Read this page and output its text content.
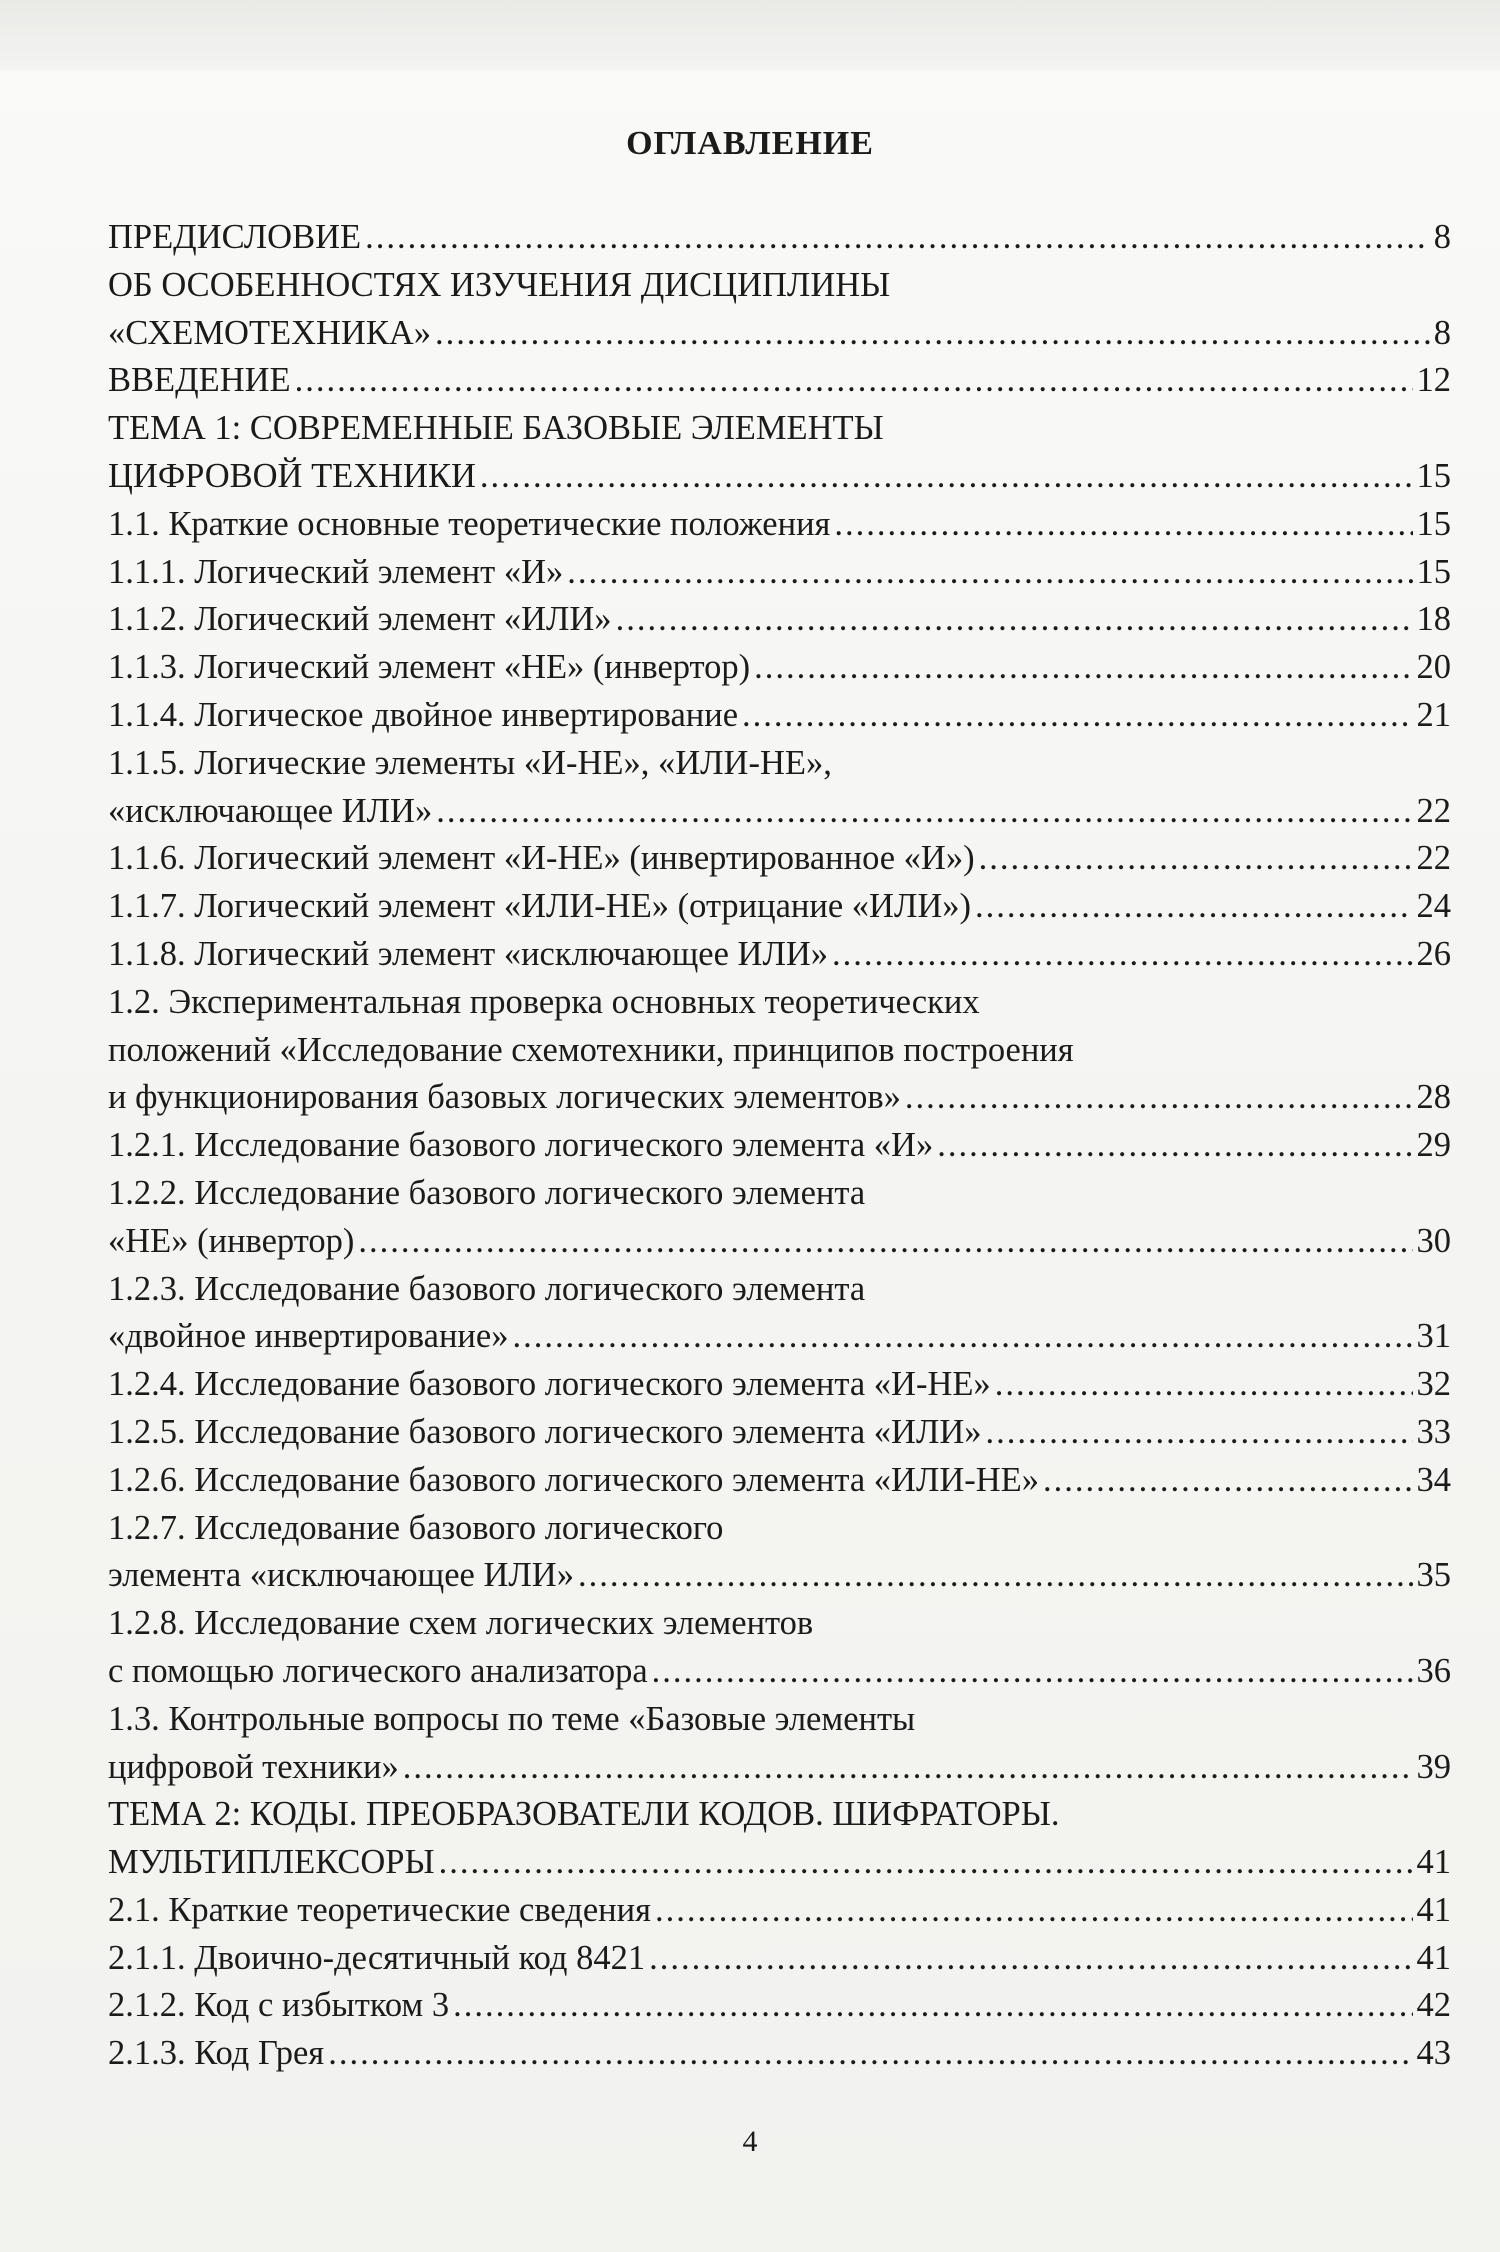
ОГЛАВЛЕНИЕ
ПРЕДИСЛОВИЕ .....	8
ОБ ОСОБЕННОСТЯХ ИЗУЧЕНИЯ ДИСЦИПЛИНЫ
«СХЕМОТЕХНИКА» .....	8
ВВЕДЕНИЕ .....	12
ТЕМА 1: СОВРЕМЕННЫЕ БАЗОВЫЕ ЭЛЕМЕНТЫ
ЦИФРОВОЙ ТЕХНИКИ .....	15
1.1. Краткие основные теоретические положения .....	15
1.1.1. Логический элемент «И» .....	15
1.1.2. Логический элемент «ИЛИ» .....	18
1.1.3. Логический элемент «НЕ» (инвертор) .....	20
1.1.4. Логическое двойное инвертирование .....	21
1.1.5. Логические элементы «И-НЕ», «ИЛИ-НЕ»,
«исключающее ИЛИ» .....	22
1.1.6. Логический элемент «И-НЕ» (инвертированное «И») .....	22
1.1.7. Логический элемент «ИЛИ-НЕ» (отрицание «ИЛИ») .....	24
1.1.8. Логический элемент «исключающее ИЛИ» .....	26
1.2. Экспериментальная проверка основных теоретических
положений «Исследование схемотехники, принципов построения
и функционирования базовых логических элементов» .....	28
1.2.1. Исследование базового логического элемента «И» .....	29
1.2.2. Исследование базового логического элемента
«НЕ» (инвертор) .....	30
1.2.3. Исследование базового логического элемента
«двойное инвертирование» .....	31
1.2.4. Исследование базового логического элемента «И-НЕ» .....	32
1.2.5. Исследование базового логического элемента «ИЛИ» .....	33
1.2.6. Исследование базового логического элемента «ИЛИ-НЕ» .....	34
1.2.7. Исследование базового логического
элемента «исключающее ИЛИ» .....	35
1.2.8. Исследование схем логических элементов
с помощью логического анализатора .....	36
1.3. Контрольные вопросы по теме «Базовые элементы
цифровой техники» .....	39
ТЕМА 2: КОДЫ. ПРЕОБРАЗОВАТЕЛИ КОДОВ. ШИФРАТОРЫ.
МУЛЬТИПЛЕКСОРЫ .....	41
2.1. Краткие теоретические сведения .....	41
2.1.1. Двоично-десятичный код 8421 .....	41
2.1.2. Код с избытком 3 .....	42
2.1.3. Код Грея .....	43
4
